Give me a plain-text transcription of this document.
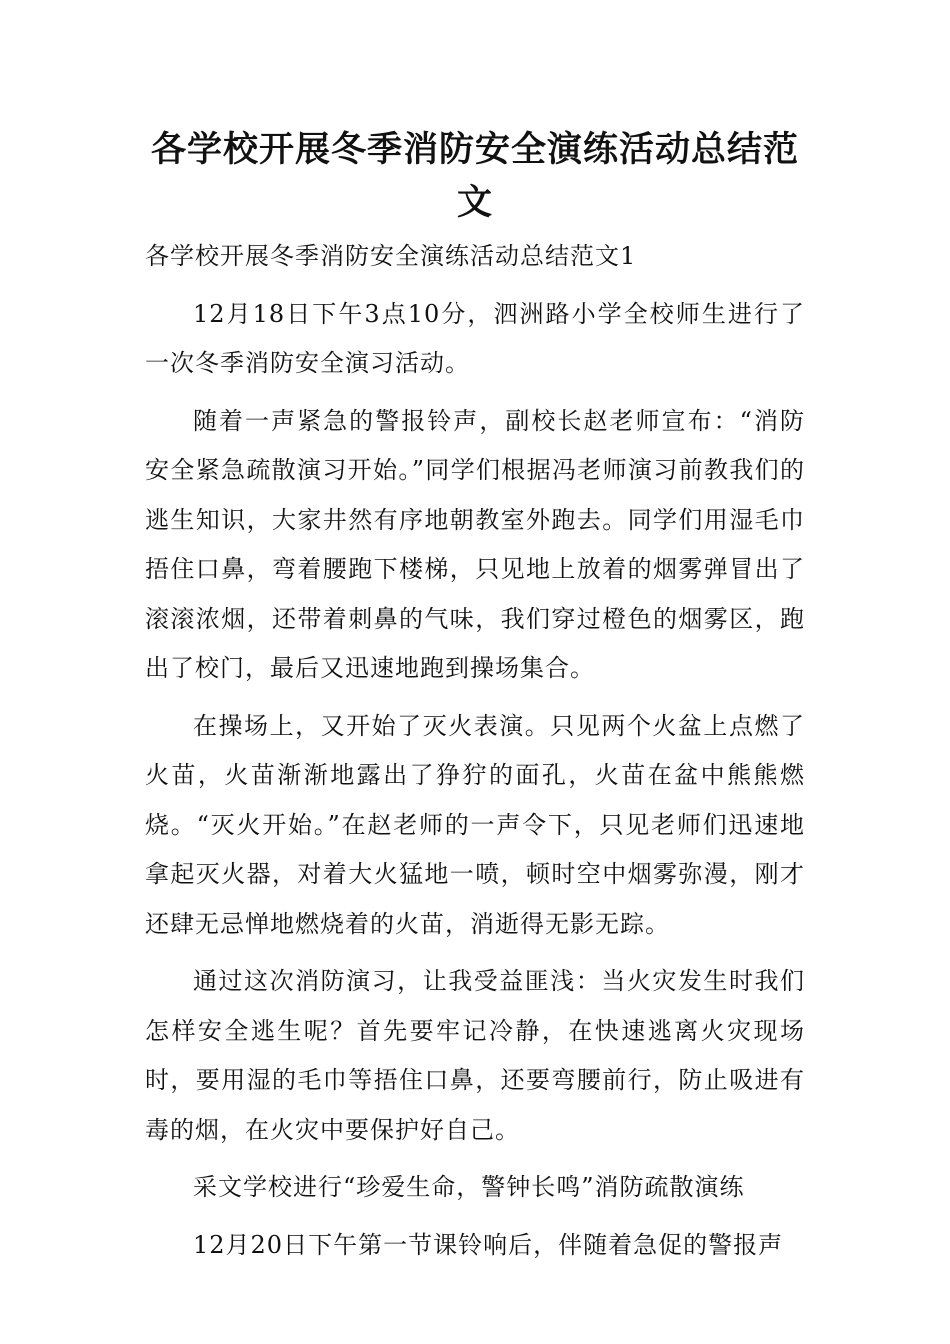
各学校开展冬季消防安全演练活动总结范文

各学校开展冬季消防安全演练活动总结范文1

12月18日下午3点10分，泗洲路小学全校师生进行了一次冬季消防安全演习活动。

随着一声紧急的警报铃声，副校长赵老师宣布：“消防安全紧急疏散演习开始。”同学们根据冯老师演习前教我们的逃生知识，大家井然有序地朝教室外跑去。同学们用湿毛巾捂住口鼻，弯着腰跑下楼梯，只见地上放着的烟雾弹冒出了滚滚浓烟，还带着刺鼻的气味，我们穿过橙色的烟雾区，跑出了校门，最后又迅速地跑到操场集合。

在操场上，又开始了灭火表演。只见两个火盆上点燃了火苗，火苗渐渐地露出了狰狞的面孔，火苗在盆中熊熊燃烧。“灭火开始。”在赵老师的一声令下，只见老师们迅速地拿起灭火器，对着大火猛地一喷，顿时空中烟雾弥漫，刚才还肆无忌惮地燃烧着的火苗，消逝得无影无踪。

通过这次消防演习，让我受益匪浅：当火灾发生时我们怎样安全逃生呢？首先要牢记冷静，在快速逃离火灾现场时，要用湿的毛巾等捂住口鼻，还要弯腰前行，防止吸进有毒的烟，在火灾中要保护好自己。

采文学校进行“珍爱生命，警钟长鸣”消防疏散演练

12月20日下午第一节课铃响后，伴随着急促的警报声
